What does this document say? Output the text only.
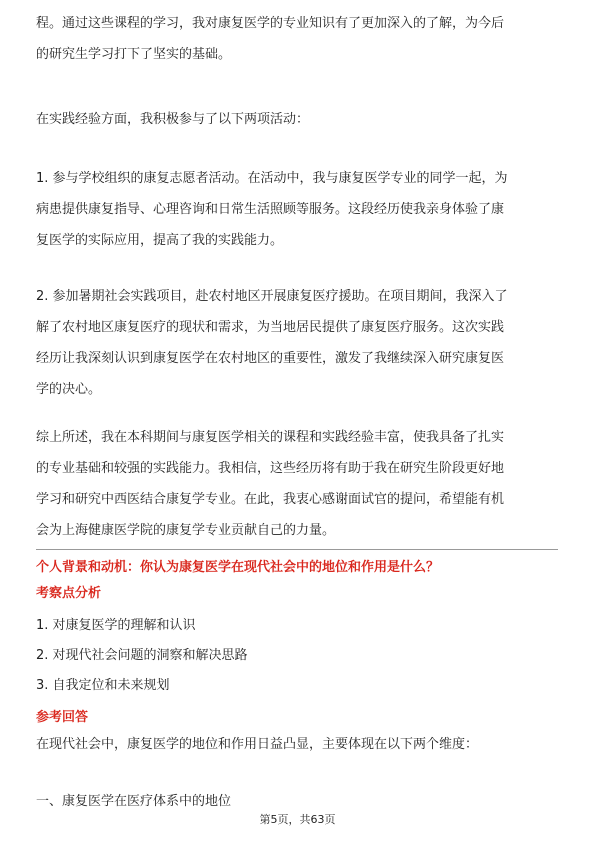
程。通过这些课程的学习，我对康复医学的专业知识有了更加深入的了解，为今后
的研究生学习打下了坚实的基础。
在实践经验方面，我积极参与了以下两项活动：
1. 参与学校组织的康复志愿者活动。在活动中，我与康复医学专业的同学一起，为
病患提供康复指导、心理咨询和日常生活照顾等服务。这段经历使我亲身体验了康
复医学的实际应用，提高了我的实践能力。
2. 参加暑期社会实践项目，赴农村地区开展康复医疗援助。在项目期间，我深入了
解了农村地区康复医疗的现状和需求，为当地居民提供了康复医疗服务。这次实践
经历让我深刻认识到康复医学在农村地区的重要性，激发了我继续深入研究康复医
学的决心。
综上所述，我在本科期间与康复医学相关的课程和实践经验丰富，使我具备了扎实
的专业基础和较强的实践能力。我相信，这些经历将有助于我在研究生阶段更好地
学习和研究中西医结合康复学专业。在此，我衷心感谢面试官的提问，希望能有机
会为上海健康医学院的康复学专业贡献自己的力量。
个人背景和动机：你认为康复医学在现代社会中的地位和作用是什么？
考察点分析
1. 对康复医学的理解和认识
2. 对现代社会问题的洞察和解决思路
3. 自我定位和未来规划
参考回答
在现代社会中，康复医学的地位和作用日益凸显，主要体现在以下两个维度：
一、康复医学在医疗体系中的地位
第5页，共63页
